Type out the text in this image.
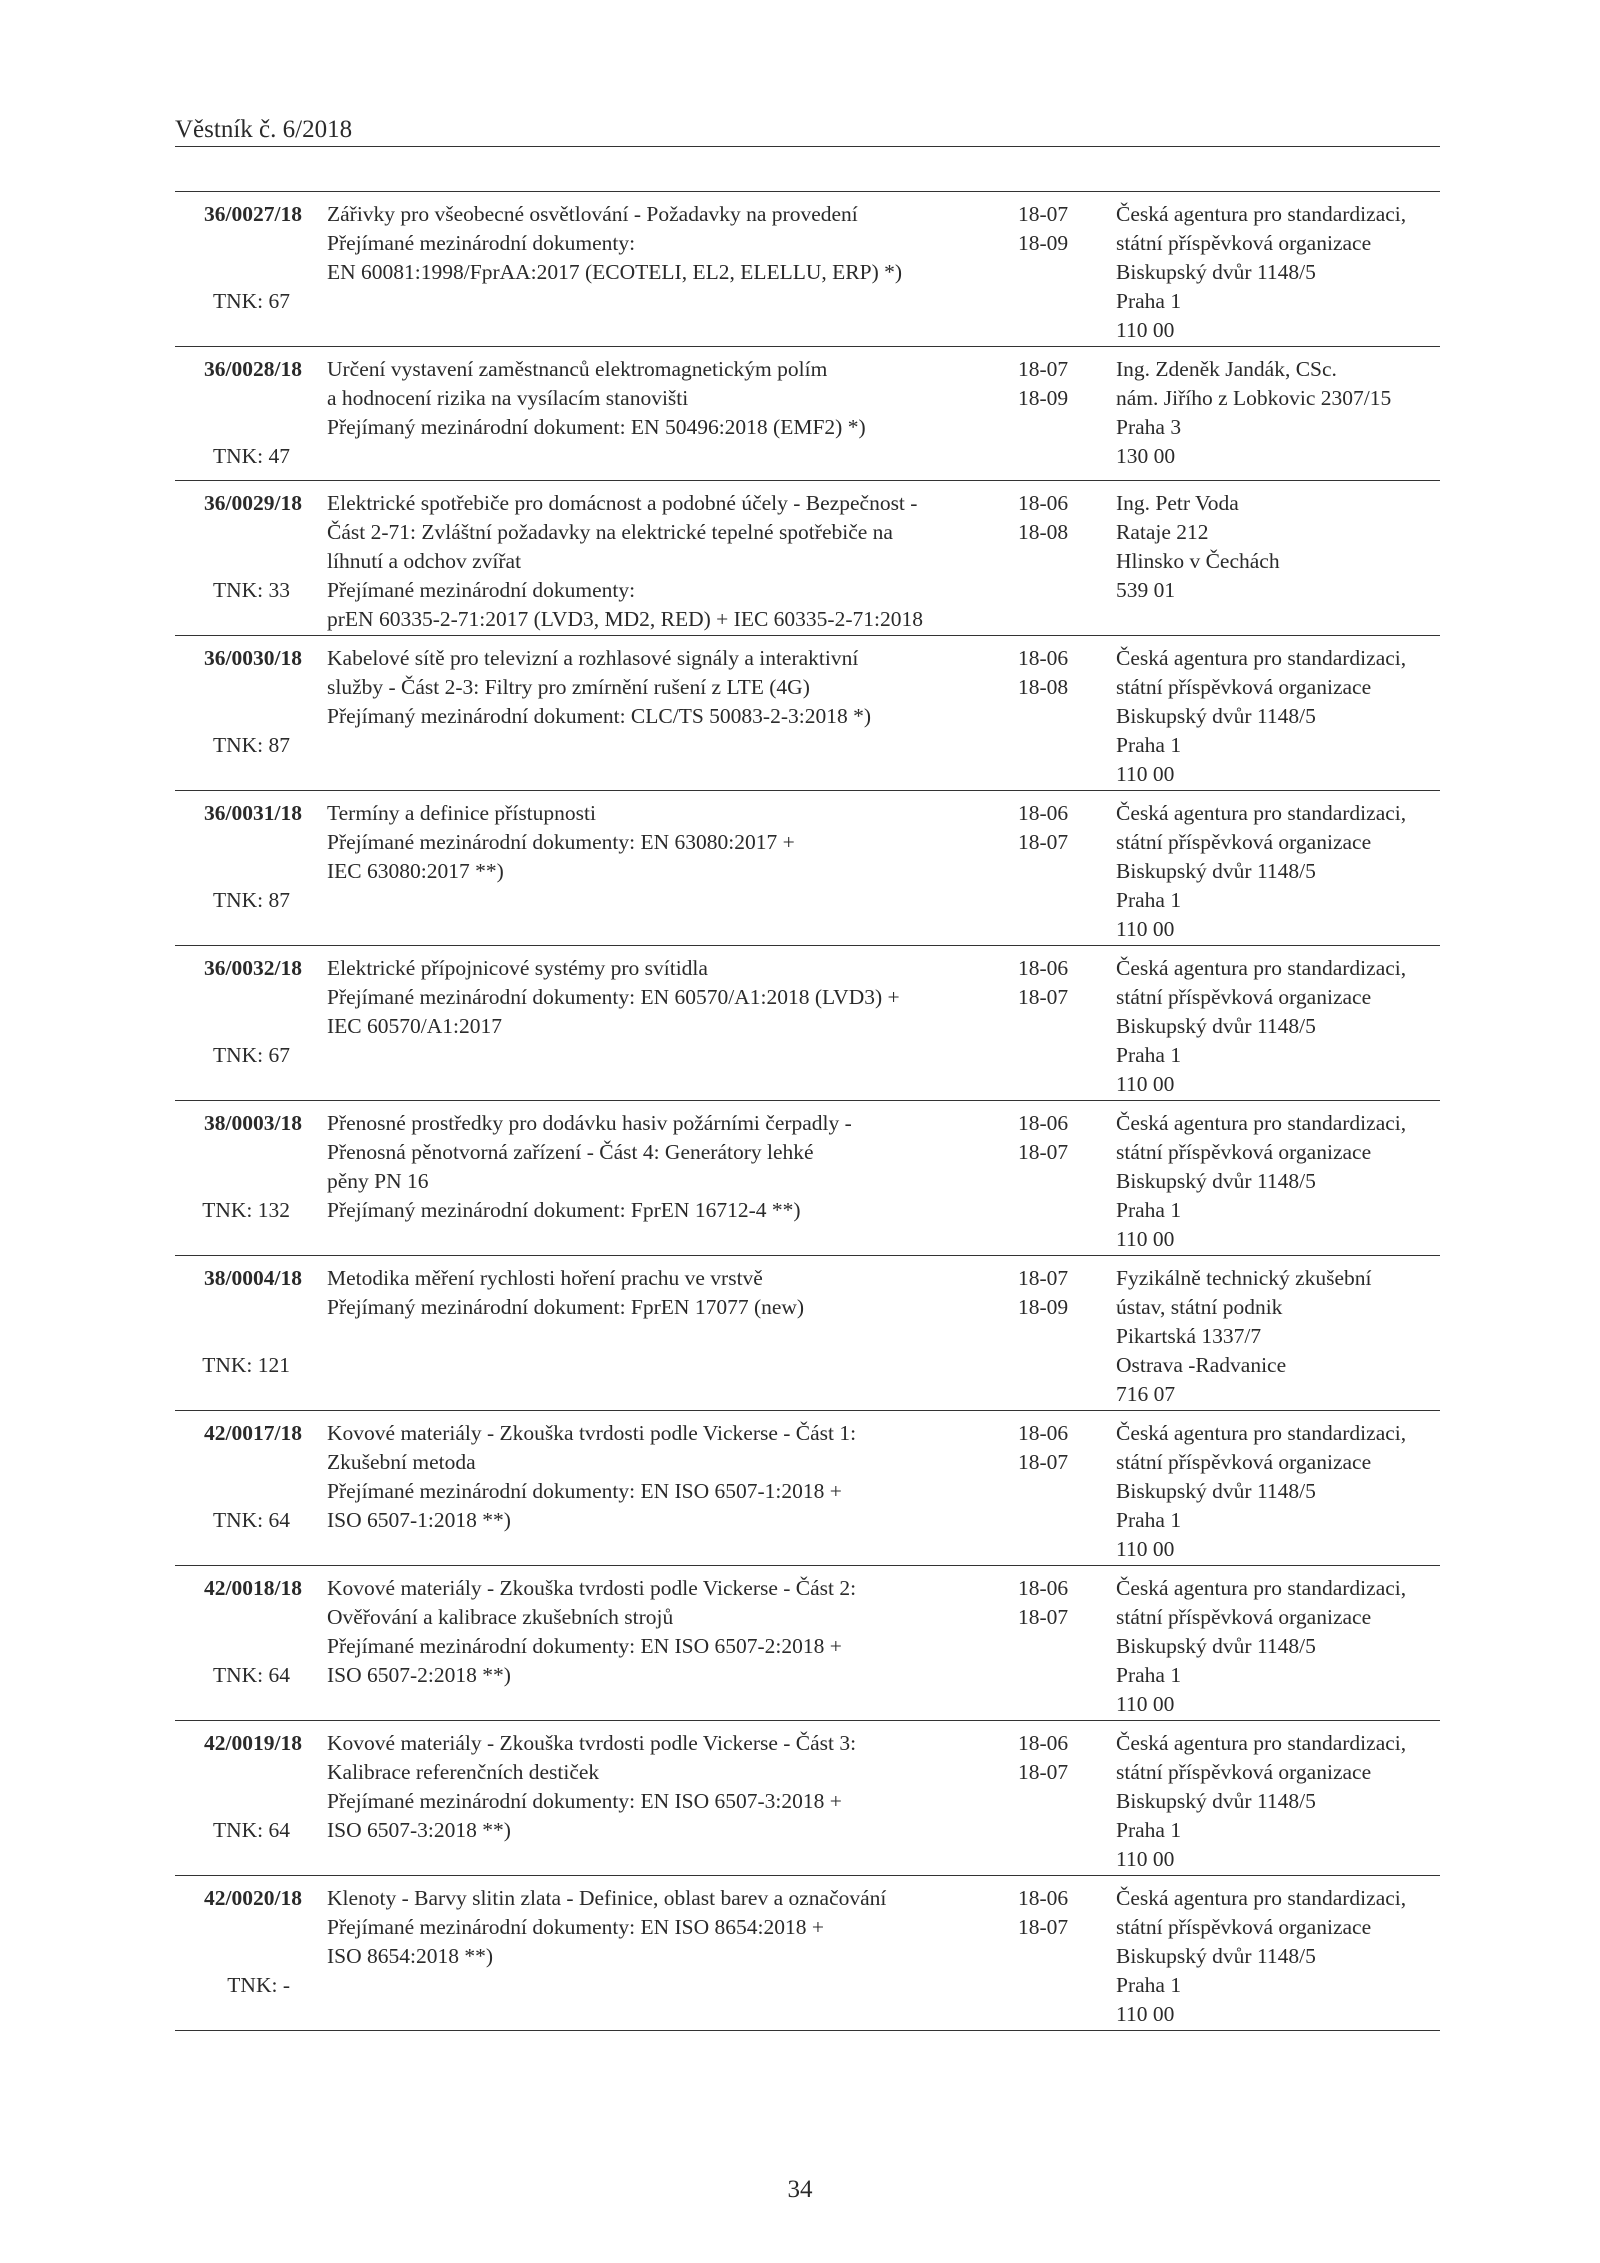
Věstník č. 6/2018
36/0027/18
TNK: 67
Zářivky pro všeobecné osvětlování - Požadavky na provedení
Přejímané mezinárodní dokumenty:
EN 60081:1998/FprAA:2017 (ECOTELI, EL2, ELELLU, ERP) *)
18-07
18-09
Česká agentura pro standardizaci,
státní příspěvková organizace
Biskupský dvůr 1148/5
Praha 1
110 00
36/0028/18
TNK: 47
Určení vystavení zaměstnanců elektromagnetickým polím
a hodnocení rizika na vysílacím stanovišti
Přejímaný mezinárodní dokument: EN 50496:2018 (EMF2) *)
18-07
18-09
Ing. Zdeněk Jandák, CSc.
nám. Jiřího z Lobkovic 2307/15
Praha 3
130 00
36/0029/18
TNK: 33
Elektrické spotřebiče pro domácnost a podobné účely - Bezpečnost -
Část 2-71: Zvláštní požadavky na elektrické tepelné spotřebiče na
líhnutí a odchov zvířat
Přejímané mezinárodní dokumenty:
prEN 60335-2-71:2017 (LVD3, MD2, RED) + IEC 60335-2-71:2018
18-06
18-08
Ing. Petr Voda
Rataje 212
Hlinsko v Čechách
539 01
36/0030/18
TNK: 87
Kabelové sítě pro televizní a rozhlasové signály a interaktivní
služby - Část 2-3: Filtry pro zmírnění rušení z LTE (4G)
Přejímaný mezinárodní dokument: CLC/TS 50083-2-3:2018 *)
18-06
18-08
Česká agentura pro standardizaci,
státní příspěvková organizace
Biskupský dvůr 1148/5
Praha 1
110 00
36/0031/18
TNK: 87
Termíny a definice přístupnosti
Přejímané mezinárodní dokumenty: EN 63080:2017 +
IEC 63080:2017 **)
18-06
18-07
Česká agentura pro standardizaci,
státní příspěvková organizace
Biskupský dvůr 1148/5
Praha 1
110 00
36/0032/18
TNK: 67
Elektrické přípojnicové systémy pro svítidla
Přejímané mezinárodní dokumenty: EN 60570/A1:2018 (LVD3) +
IEC 60570/A1:2017
18-06
18-07
Česká agentura pro standardizaci,
státní příspěvková organizace
Biskupský dvůr 1148/5
Praha 1
110 00
38/0003/18
TNK: 132
Přenosné prostředky pro dodávku hasiv požárními čerpadly -
Přenosná pěnotvorná zařízení - Část 4: Generátory lehké
pěny PN 16
Přejímaný mezinárodní dokument: FprEN 16712-4 **)
18-06
18-07
Česká agentura pro standardizaci,
státní příspěvková organizace
Biskupský dvůr 1148/5
Praha 1
110 00
38/0004/18
TNK: 121
Metodika měření rychlosti hoření prachu ve vrstvě
Přejímaný mezinárodní dokument: FprEN 17077 (new)
18-07
18-09
Fyzikálně technický zkušební
ústav, státní podnik
Pikartská 1337/7
Ostrava -Radvanice
716 07
42/0017/18
TNK: 64
Kovové materiály - Zkouška tvrdosti podle Vickerse - Část 1:
Zkušební metoda
Přejímané mezinárodní dokumenty: EN ISO 6507-1:2018 +
ISO 6507-1:2018 **)
18-06
18-07
Česká agentura pro standardizaci,
státní příspěvková organizace
Biskupský dvůr 1148/5
Praha 1
110 00
42/0018/18
TNK: 64
Kovové materiály - Zkouška tvrdosti podle Vickerse - Část 2:
Ověřování a kalibrace zkušebních strojů
Přejímané mezinárodní dokumenty: EN ISO 6507-2:2018 +
ISO 6507-2:2018 **)
18-06
18-07
Česká agentura pro standardizaci,
státní příspěvková organizace
Biskupský dvůr 1148/5
Praha 1
110 00
42/0019/18
TNK: 64
Kovové materiály - Zkouška tvrdosti podle Vickerse - Část 3:
Kalibrace referenčních destiček
Přejímané mezinárodní dokumenty: EN ISO 6507-3:2018 +
ISO 6507-3:2018 **)
18-06
18-07
Česká agentura pro standardizaci,
státní příspěvková organizace
Biskupský dvůr 1148/5
Praha 1
110 00
42/0020/18
TNK: -
Klenoty - Barvy slitin zlata - Definice, oblast barev a označování
Přejímané mezinárodní dokumenty: EN ISO 8654:2018 +
ISO 8654:2018 **)
18-06
18-07
Česká agentura pro standardizaci,
státní příspěvková organizace
Biskupský dvůr 1148/5
Praha 1
110 00
34
